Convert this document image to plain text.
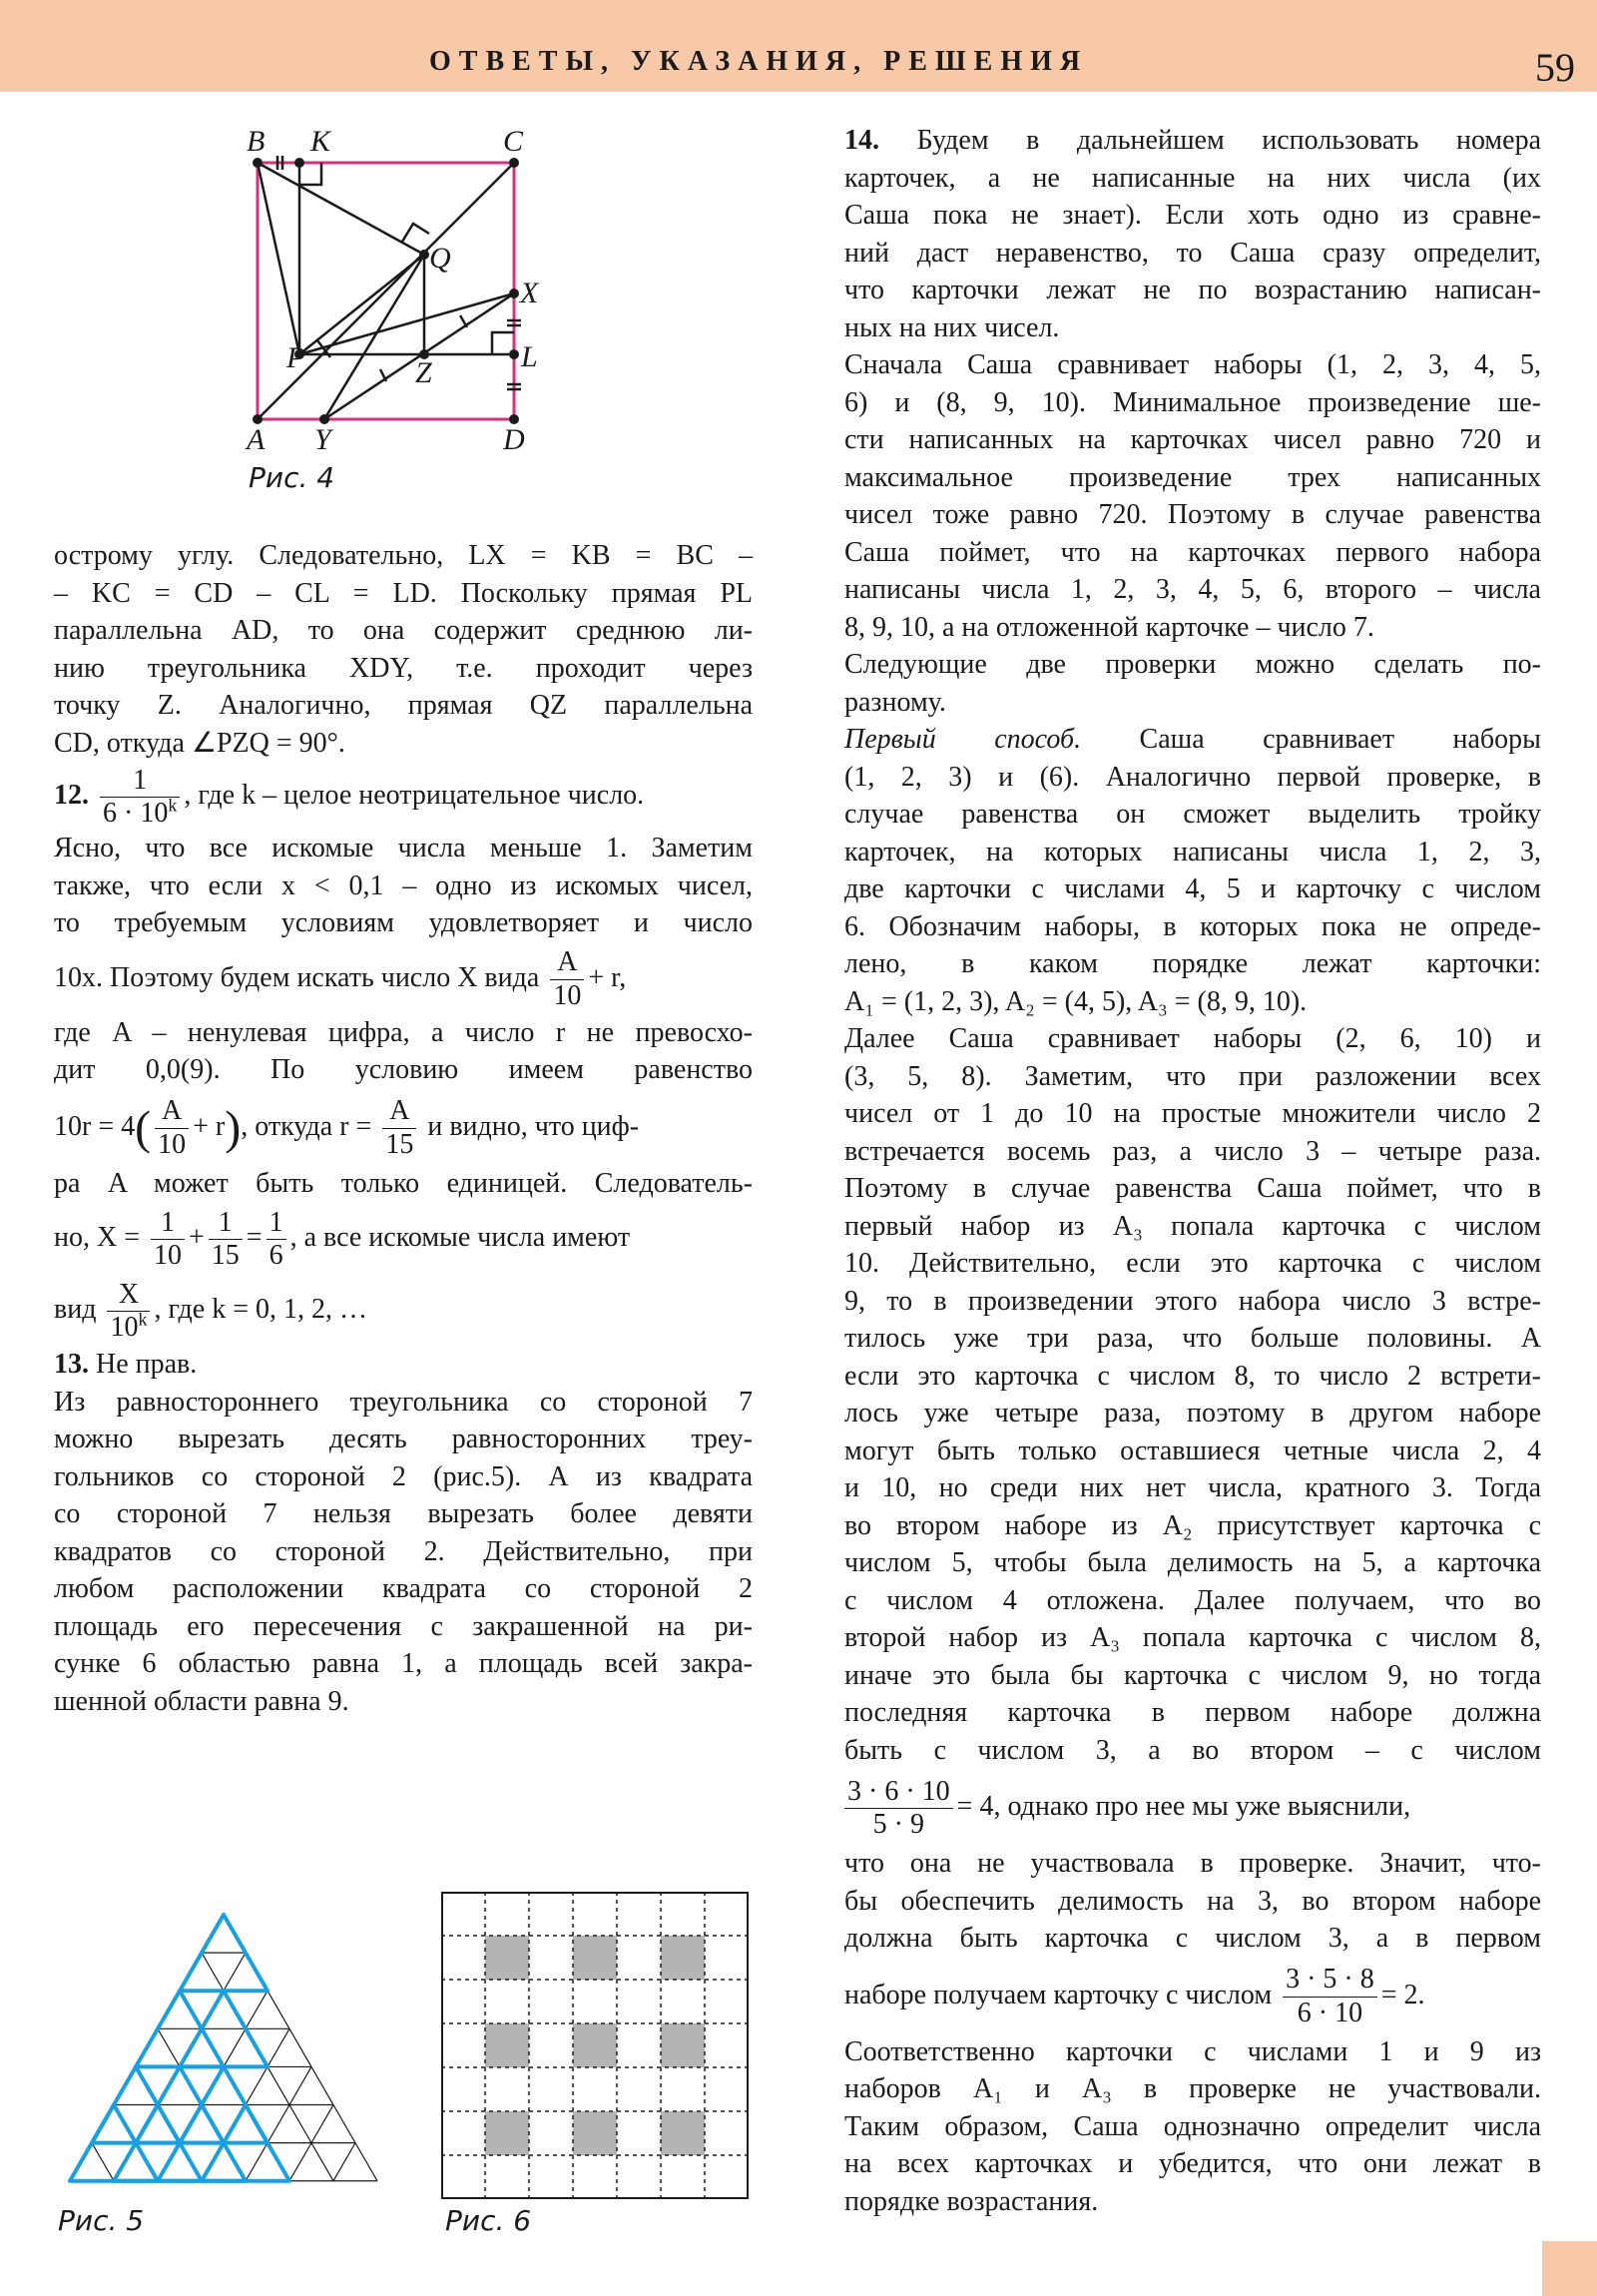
ОТВЕТЫ, УКАЗАНИЯ, РЕШЕНИЯ	59
B K	C
Q
X
P	L
Z
A Y	D
Рис. 4

острому углу. Следовательно, LX = KB = BC –

– KC = CD – CL = LD. Поскольку прямая PL

параллельна AD, то она содержит среднюю ли-

нию треугольника XDY, т.е. проходит через

точку Z. Аналогично, прямая QZ параллельна

CD, откуда ∠PZQ = 90°.

12. $\frac{1}{6 \cdot 10^k}$ , где k – целое неотрицательное число.

Ясно, что все искомые числа меньше 1. Заметим

также, что если x < 0,1 – одно из искомых чисел,

то требуемым условиям удовлетворяет и число

10x. Поэтому будем искать число X вида $\frac{A}{10} + r$,

где A – ненулевая цифра, а число r не превосхо-

дит 0,0(9). По условию имеем равенство

$10r = 4( \frac{A}{10} + r)$, откуда $r = \frac{A}{15}$ и видно, что циф-

ра A может быть только единицей. Следователь-

но, $X = \frac{1}{10} + \frac{1}{15} = \frac{1}{6}$ , а все искомые числа имеют

вид $\frac{X}{10^k}$ , где k = 0, 1, 2, …

13. Не прав.

Из равностороннего треугольника со стороной 7

можно вырезать десять равносторонних треу-

гольников со стороной 2 (рис.5). А из квадрата

со стороной 7 нельзя вырезать более девяти

квадратов со стороной 2. Действительно, при

любом расположении квадрата со стороной 2

площадь его пересечения с закрашенной на ри-

сунке 6 областью равна 1, а площадь всей закра-

шенной области равна 9.

Рис. 5	Рис. 6

14. Будем в дальнейшем использовать номера

карточек, а не написанные на них числа (их

Саша пока не знает). Если хоть одно из сравне-

ний даст неравенство, то Саша сразу определит,

что карточки лежат не по возрастанию написан-

ных на них чисел.

Сначала Саша сравнивает наборы (1, 2, 3, 4, 5,

6) и (8, 9, 10). Минимальное произведение ше-

сти написанных на карточках чисел равно 720 и

максимальное произведение трех написанных

чисел тоже равно 720. Поэтому в случае равенства

Саша поймет, что на карточках первого набора

написаны числа 1, 2, 3, 4, 5, 6, второго – числа

8, 9, 10, а на отложенной карточке – число 7.

Следующие две проверки можно сделать по-

разному.

Первый способ. Саша сравнивает наборы

(1, 2, 3) и (6). Аналогично первой проверке, в

случае равенства он сможет выделить тройку

карточек, на которых написаны числа 1, 2, 3,

две карточки с числами 4, 5 и карточку с числом

6. Обозначим наборы, в которых пока не опреде-

лено, в каком порядке лежат карточки:

A₁ = (1, 2, 3), A₂ = (4, 5), A₃ = (8, 9, 10).

Далее Саша сравнивает наборы (2, 6, 10) и

(3, 5, 8). Заметим, что при разложении всех

чисел от 1 до 10 на простые множители число 2

встречается восемь раз, а число 3 – четыре раза.

Поэтому в случае равенства Саша поймет, что в

первый набор из A₃ попала карточка с числом

10. Действительно, если это карточка с числом

9, то в произведении этого набора число 3 встре-

тилось уже три раза, что больше половины. А

если это карточка с числом 8, то число 2 встрети-

лось уже четыре раза, поэтому в другом наборе

могут быть только оставшиеся четные числа 2, 4

и 10, но среди них нет числа, кратного 3. Тогда

во втором наборе из A₂ присутствует карточка с

числом 5, чтобы была делимость на 5, а карточка

с числом 4 отложена. Далее получаем, что во

второй набор из A₃ попала карточка с числом 8,

иначе это была бы карточка с числом 9, но тогда

последняя карточка в первом наборе должна

быть с числом 3, а во втором – с числом

$\frac{3 \cdot 6 \cdot 10}{5 \cdot 9} = 4$, однако про нее мы уже выяснили,

что она не участвовала в проверке. Значит, что-

бы обеспечить делимость на 3, во втором наборе

должна быть карточка с числом 3, а в первом

наборе получаем карточку с числом $\frac{3 \cdot 5 \cdot 8}{6 \cdot 10} = 2$.

Соответственно карточки с числами 1 и 9 из

наборов A₁ и A₃ в проверке не участвовали.

Таким образом, Саша однозначно определит числа

на всех карточках и убедится, что они лежат в

порядке возрастания.
